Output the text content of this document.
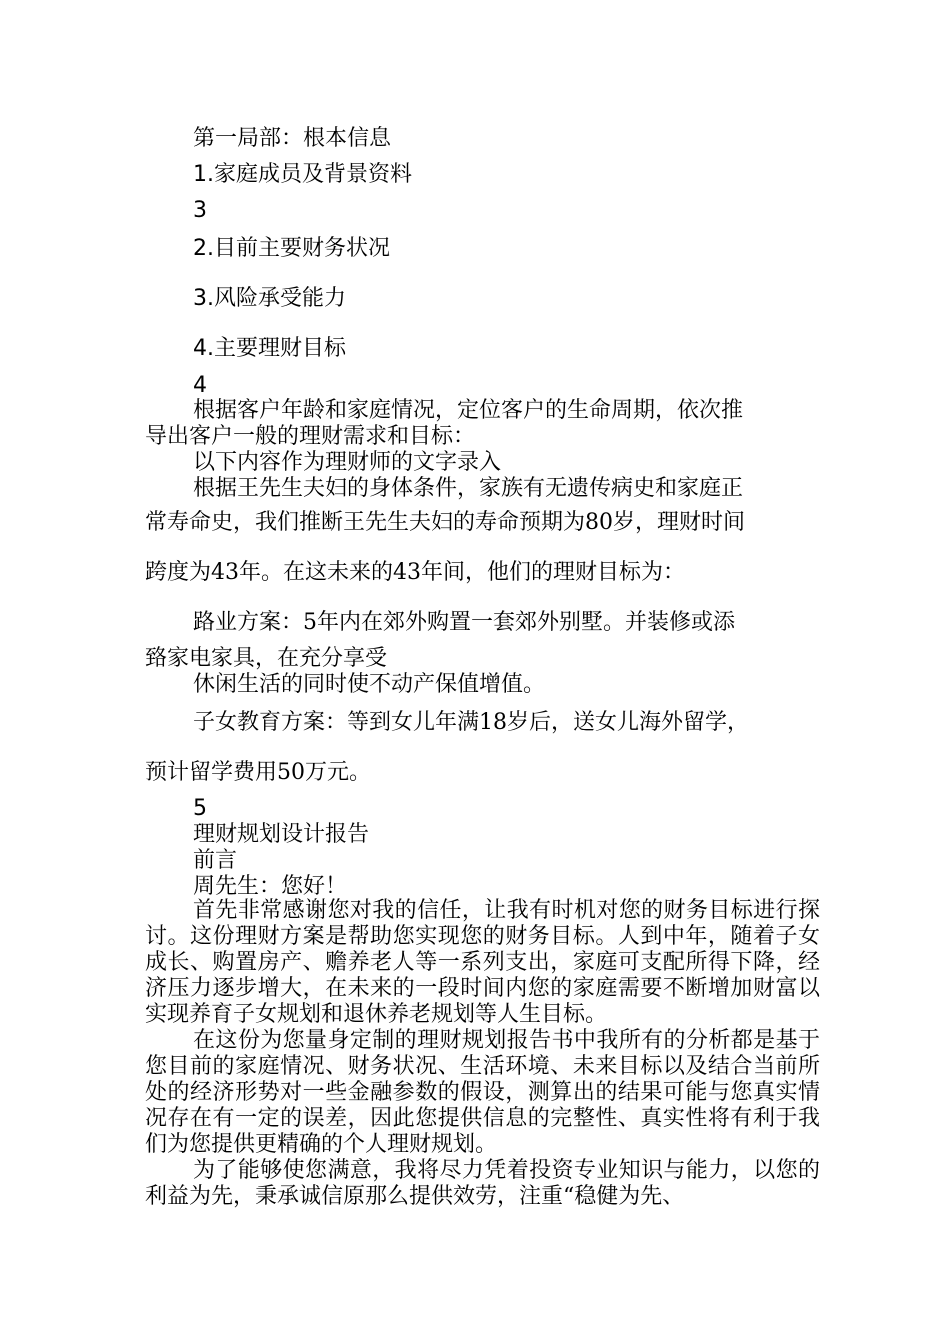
第一局部：根本信息
1.家庭成员及背景资料
3
2.目前主要财务状况
3.风险承受能力
4.主要理财目标
4
根据客户年龄和家庭情况，定位客户的生命周期，依次推
导出客户一般的理财需求和目标：
以下内容作为理财师的文字录入
根据王先生夫妇的身体条件，家族有无遗传病史和家庭正
常寿命史，我们推断王先生夫妇的寿命预期为80岁，理财时间
跨度为43年。在这未来的43年间，他们的理财目标为：
路业方案：5年内在郊外购置一套郊外别墅。并装修或添
臵家电家具，在充分享受
休闲生活的同时使不动产保值增值。
子女教育方案：等到女儿年满18岁后，送女儿海外留学，
预计留学费用50万元。
5
理财规划设计报告
前言
周先生：您好！

首先非常感谢您对我的信任，让我有时机对您的财务目标进行探讨。这份理财方案是帮助您实现您的财务目标。人到中年，随着子女成长、购置房产、赡养老人等一系列支出，家庭可支配所得下降，经济压力逐步增大，在未来的一段时间内您的家庭需要不断增加财富以实现养育子女规划和退休养老规划等人生目标。

在这份为您量身定制的理财规划报告书中我所有的分析都是基于您目前的家庭情况、财务状况、生活环境、未来目标以及结合当前所处的经济形势对一些金融参数的假设，测算出的结果可能与您真实情况存在有一定的误差，因此您提供信息的完整性、真实性将有利于我们为您提供更精确的个人理财规划。

为了能够使您满意，我将尽力凭着投资专业知识与能力，以您的利益为先，秉承诚信原那么提供效劳，注重“稳健为先、
